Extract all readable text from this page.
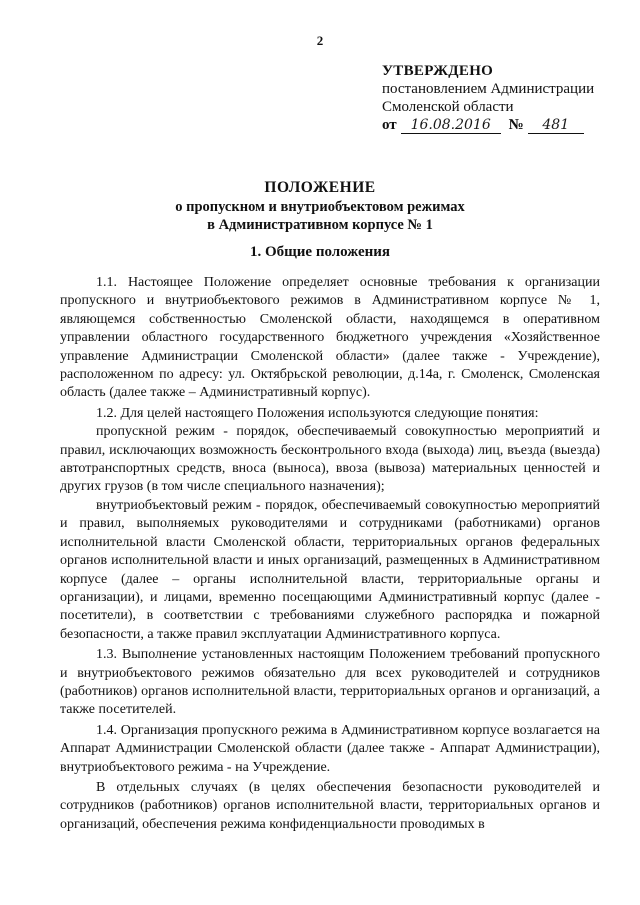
2
УТВЕРЖДЕНО
постановлением Администрации
Смоленской области
от 16.08.2016	№	481
ПОЛОЖЕНИЕ
о пропускном и внутриобъектовом режимах
в Административном корпусе № 1
1. Общие положения

1.1. Настоящее Положение определяет основные требования к организации пропускного и внутриобъектового режимов в Административном корпусе № 1, являющемся собственностью Смоленской области, находящемся в оперативном управлении областного государственного бюджетного учреждения «Хозяйственное управление Администрации Смоленской области» (далее также - Учреждение), расположенном по адресу: ул. Октябрьской революции, д.14а, г. Смоленск, Смоленская область (далее также – Административный корпус).

1.2. Для целей настоящего Положения используются следующие понятия:

пропускной режим - порядок, обеспечиваемый совокупностью мероприятий и правил, исключающих возможность бесконтрольного входа (выхода) лиц, въезда (выезда) автотранспортных средств, вноса (выноса), ввоза (вывоза) материальных ценностей и других грузов (в том числе специального назначения);

внутриобъектовый режим - порядок, обеспечиваемый совокупностью мероприятий и правил, выполняемых руководителями и сотрудниками (работниками) органов исполнительной власти Смоленской области, территориальных органов федеральных органов исполнительной власти и иных организаций, размещенных в Административном корпусе (далее – органы исполнительной власти, территориальные органы и организации), и лицами, временно посещающими Административный корпус (далее - посетители), в соответствии с требованиями служебного распорядка и пожарной безопасности, а также правил эксплуатации Административного корпуса.

1.3. Выполнение установленных настоящим Положением требований пропускного и внутриобъектового режимов обязательно для всех руководителей и сотрудников (работников) органов исполнительной власти, территориальных органов и организаций, а также посетителей.

1.4. Организация пропускного режима в Административном корпусе возлагается на Аппарат Администрации Смоленской области (далее также - Аппарат Администрации), внутриобъектового режима - на Учреждение.

В отдельных случаях (в целях обеспечения безопасности руководителей и сотрудников (работников) органов исполнительной власти, территориальных органов и организаций, обеспечения режима конфиденциальности проводимых в
